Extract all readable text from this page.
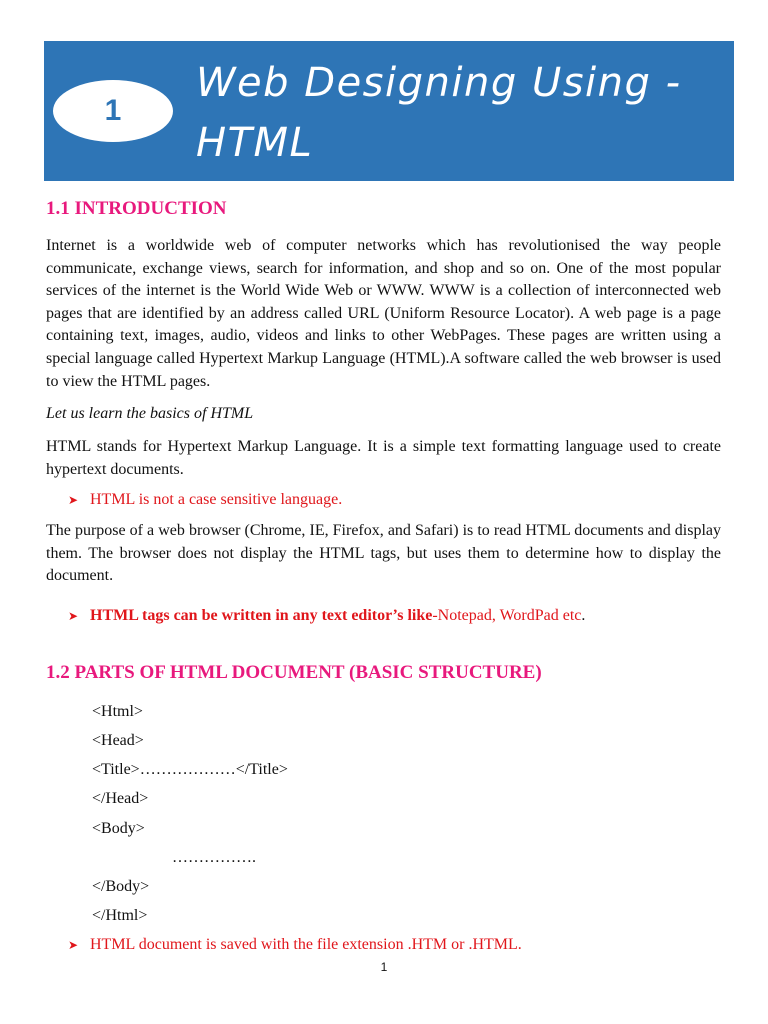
1
Web Designing Using - HTML
1.1 INTRODUCTION
Internet is a worldwide web of computer networks which has revolutionised the way people communicate, exchange views, search for information, and shop and so on. One of the most popular services of the internet is the World Wide Web or WWW. WWW is a collection of interconnected web pages that are identified by an address called URL (Uniform Resource Locator). A web page is a page containing text, images, audio, videos and links to other WebPages. These pages are written using a special language called Hypertext Markup Language (HTML).A software called the web browser is used to view the HTML pages.
Let us learn the basics of HTML
HTML stands for Hypertext Markup Language. It is a simple text formatting language used to create hypertext documents.
➤ HTML is not a case sensitive language.
The purpose of a web browser (Chrome, IE, Firefox, and Safari) is to read HTML documents and display them. The browser does not display the HTML tags, but uses them to determine how to display the document.
➤ HTML tags can be written in any text editor’s like -Notepad, WordPad etc .
1.2 PARTS OF HTML DOCUMENT (BASIC STRUCTURE)
<Html>
<Head>
<Title>………………</Title>
</Head>
<Body>
…………….
</Body>
</Html>
➤ HTML document is saved with the file extension .HTM or .HTML.
1
